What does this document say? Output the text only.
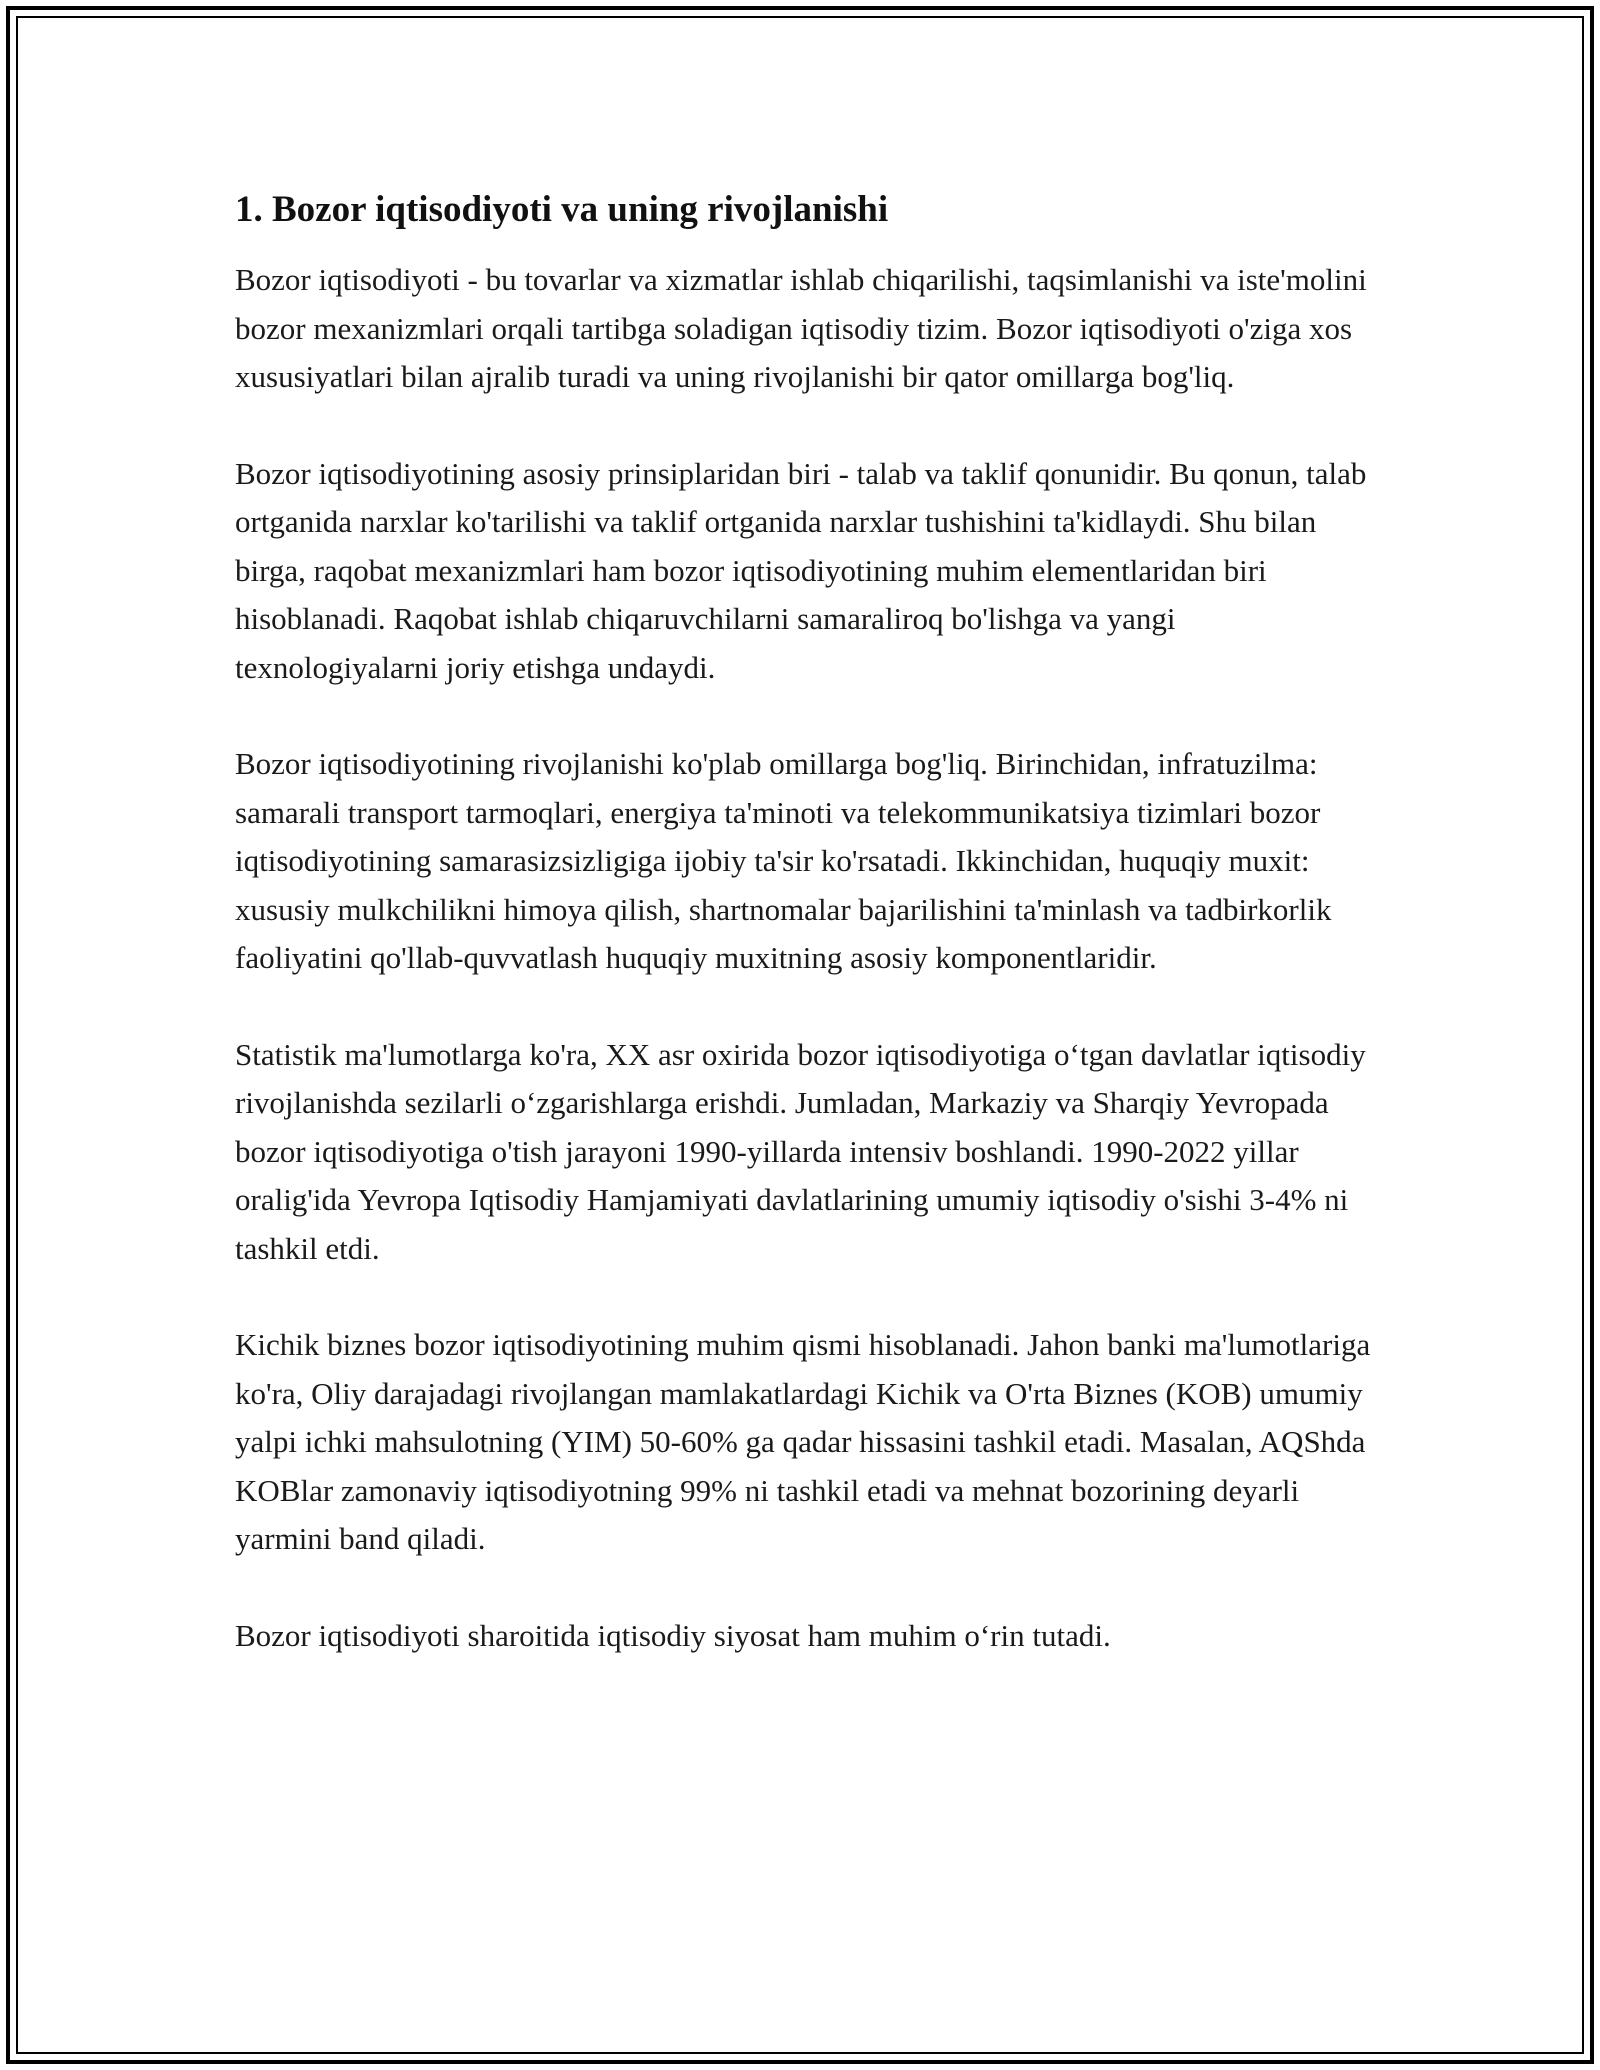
1. Bozor iqtisodiyoti va uning rivojlanishi

Bozor iqtisodiyoti - bu tovarlar va xizmatlar ishlab chiqarilishi, taqsimlanishi va iste'molini bozor mexanizmlari orqali tartibga soladigan iqtisodiy tizim. Bozor iqtisodiyoti o'ziga xos xususiyatlari bilan ajralib turadi va uning rivojlanishi bir qator omillarga bog'liq.

Bozor iqtisodiyotining asosiy prinsiplaridan biri - talab va taklif qonunidir. Bu qonun, talab ortganida narxlar ko'tarilishi va taklif ortganida narxlar tushishini ta'kidlaydi. Shu bilan birga, raqobat mexanizmlari ham bozor iqtisodiyotining muhim elementlaridan biri hisoblanadi. Raqobat ishlab chiqaruvchilarni samaraliroq bo'lishga va yangi texnologiyalarni joriy etishga undaydi.

Bozor iqtisodiyotining rivojlanishi ko'plab omillarga bog'liq. Birinchidan, infratuzilma: samarali transport tarmoqlari, energiya ta'minoti va telekommunikatsiya tizimlari bozor iqtisodiyotining samarasizsizligiga ijobiy ta'sir ko'rsatadi. Ikkinchidan, huquqiy muxit: xususiy mulkchilikni himoya qilish, shartnomalar bajarilishini ta'minlash va tadbirkorlik faoliyatini qo'llab-quvvatlash huquqiy muxitning asosiy komponentlaridir.

Statistik ma'lumotlarga ko'ra, XX asr oxirida bozor iqtisodiyotiga o‘tgan davlatlar iqtisodiy rivojlanishda sezilarli o‘zgarishlarga erishdi. Jumladan, Markaziy va Sharqiy Yevropada bozor iqtisodiyotiga o'tish jarayoni 1990-yillarda intensiv boshlandi. 1990-2022 yillar oralig'ida Yevropa Iqtisodiy Hamjamiyati davlatlarining umumiy iqtisodiy o'sishi 3-4% ni tashkil etdi.

Kichik biznes bozor iqtisodiyotining muhim qismi hisoblanadi. Jahon banki ma'lumotlariga ko'ra, Oliy darajadagi rivojlangan mamlakatlardagi Kichik va O'rta Biznes (KOB) umumiy yalpi ichki mahsulotning (YIM) 50-60% ga qadar hissasini tashkil etadi. Masalan, AQShda KOBlar zamonaviy iqtisodiyotning 99% ni tashkil etadi va mehnat bozorining deyarli yarmini band qiladi.

Bozor iqtisodiyoti sharoitida iqtisodiy siyosat ham muhim o‘rin tutadi.
